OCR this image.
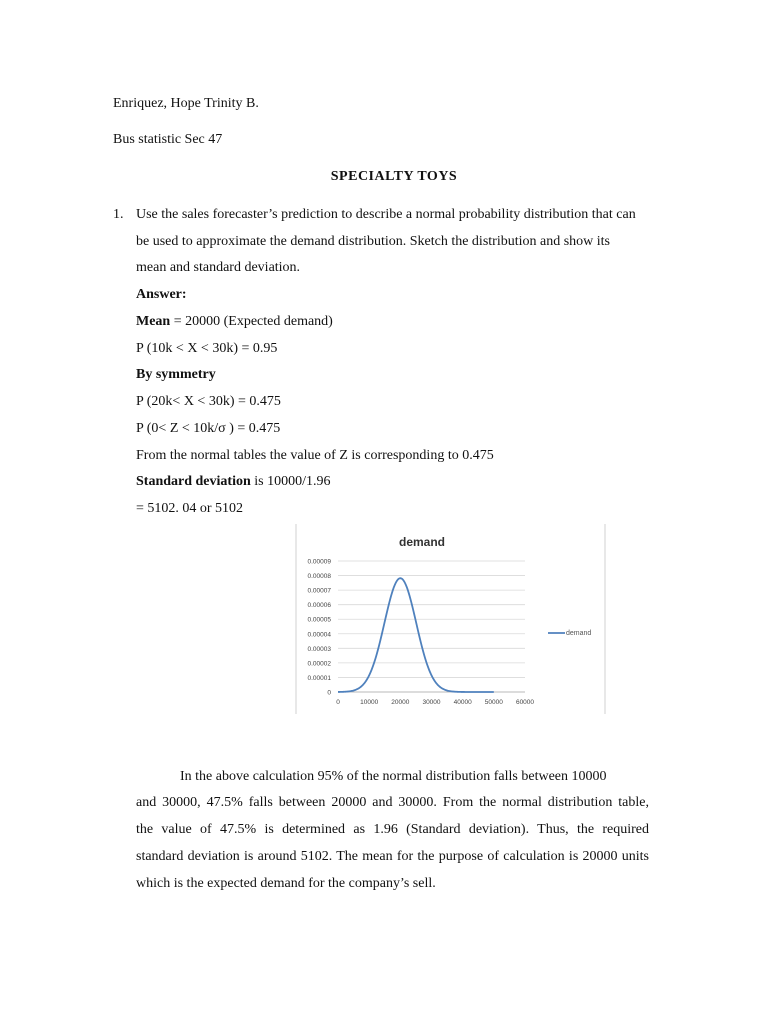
Enriquez, Hope Trinity B.
Bus statistic Sec 47
SPECIALTY TOYS
1. Use the sales forecaster’s prediction to describe a normal probability distribution that can
be used to approximate the demand distribution. Sketch the distribution and show its
mean and standard deviation.
Answer:
Mean = 20000 (Expected demand)
P (10k < X < 30k) = 0.95
By symmetry
P (20k< X < 30k) = 0.475
P (0< Z < 10k/σ ) = 0.475
From the normal tables the value of Z is corresponding to 0.475
Standard deviation is 10000/1.96
= 5102. 04 or 5102
demand
0
0.00001
0.00002
0.00003
0.00004
0.00005
0.00006
0.00007
0.00008
0.00009
0	10000 20000 30000 40000 50000 60000
demand
In the above calculation 95% of the normal distribution falls between 10000
and 30000, 47.5% falls between 20000 and 30000. From the normal distribution table,
the value of 47.5% is determined as 1.96 (Standard deviation). Thus, the required
standard deviation is around 5102. The mean for the purpose of calculation is 20000 units
which is the expected demand for the company’s sell.
